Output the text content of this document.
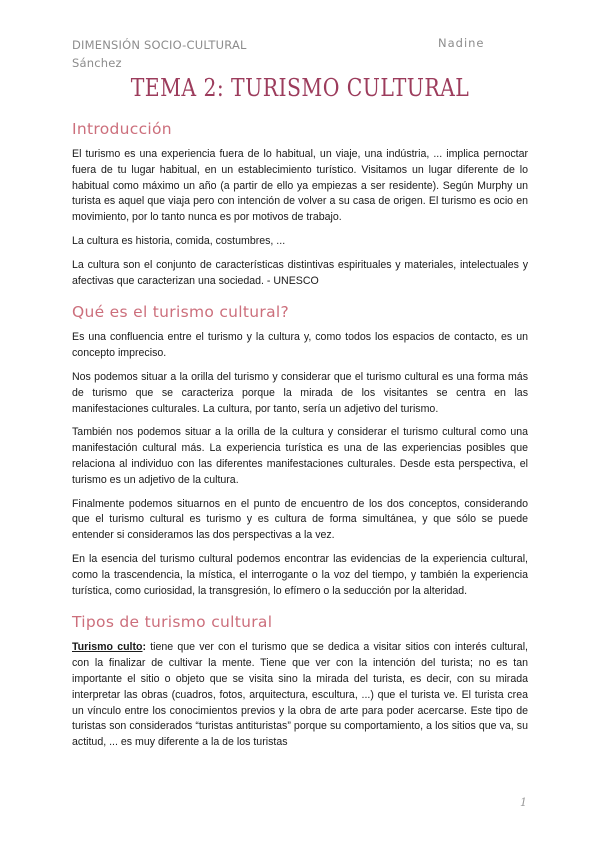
DIMENSIÓN SOCIO-CULTURAL
Sánchez
Nadine
TEMA 2: TURISMO CULTURAL
Introducción

El turismo es una experiencia fuera de lo habitual, un viaje, una indústria, ... implica pernoctar fuera de tu lugar habitual, en un establecimiento turístico. Visitamos un lugar diferente de lo habitual como máximo un año (a partir de ello ya empiezas a ser residente). Según Murphy un turista es aquel que viaja pero con intención de volver a su casa de origen. El turismo es ocio en movimiento, por lo tanto nunca es por motivos de trabajo.

La cultura es historia, comida, costumbres, ...

La cultura son el conjunto de características distintivas espirituales y materiales, intelectuales y afectivas que caracterizan una sociedad. - UNESCO

Qué es el turismo cultural?

Es una confluencia entre el turismo y la cultura y, como todos los espacios de contacto, es un concepto impreciso.

Nos podemos situar a la orilla del turismo y considerar que el turismo cultural es una forma más de turismo que se caracteriza porque la mirada de los visitantes se centra en las manifestaciones culturales. La cultura, por tanto, sería un adjetivo del turismo.

También nos podemos situar a la orilla de la cultura y considerar el turismo cultural como una manifestación cultural más. La experiencia turística es una de las experiencias posibles que relaciona al individuo con las diferentes manifestaciones culturales. Desde esta perspectiva, el turismo es un adjetivo de la cultura.

Finalmente podemos situarnos en el punto de encuentro de los dos conceptos, considerando que el turismo cultural es turismo y es cultura de forma simultánea, y que sólo se puede entender si consideramos las dos perspectivas a la vez.

En la esencia del turismo cultural podemos encontrar las evidencias de la experiencia cultural, como la trascendencia, la mística, el interrogante o la voz del tiempo, y también la experiencia turística, como curiosidad, la transgresión, lo efímero o la seducción por la alteridad.

Tipos de turismo cultural

Turismo culto: tiene que ver con el turismo que se dedica a visitar sitios con interés cultural, con la finalizar de cultivar la mente. Tiene que ver con la intención del turista; no es tan importante el sitio o objeto que se visita sino la mirada del turista, es decir, con su mirada interpretar las obras (cuadros, fotos, arquitectura, escultura, ...) que el turista ve. El turista crea un vínculo entre los conocimientos previos y la obra de arte para poder acercarse. Este tipo de turistas son considerados “turistas antituristas” porque su comportamiento, a los sitios que va, su actitud, ... es muy diferente a la de los turistas

1
